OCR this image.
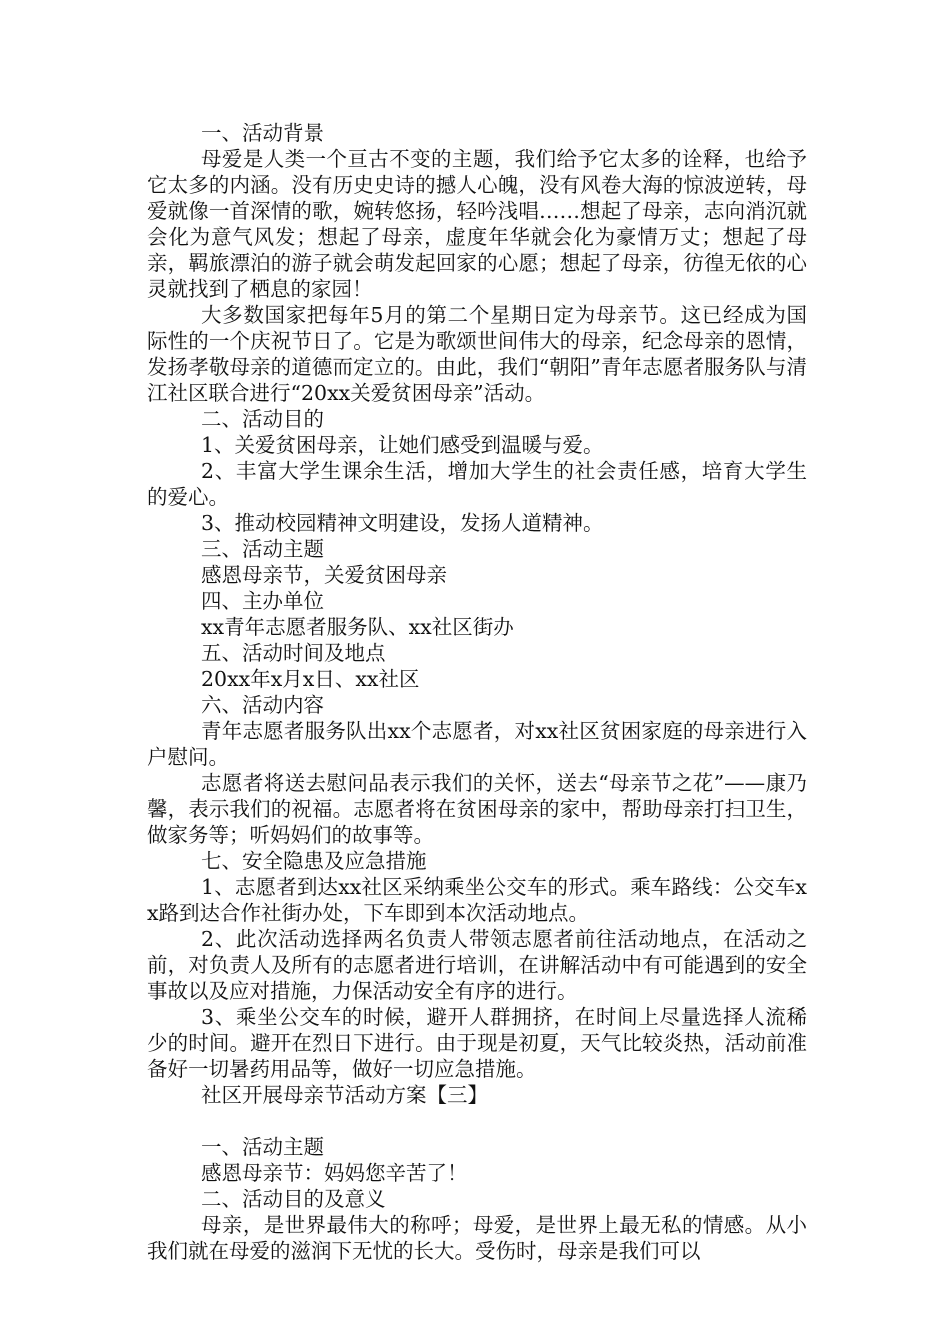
一、活动背景

母爱是人类一个亘古不变的主题，我们给予它太多的诠释，也给予它太多的内涵。没有历史史诗的撼人心魄，没有风卷大海的惊波逆转，母爱就像一首深情的歌，婉转悠扬，轻吟浅唱……想起了母亲，志向消沉就会化为意气风发；想起了母亲，虚度年华就会化为豪情万丈；想起了母亲，羁旅漂泊的游子就会萌发起回家的心愿；想起了母亲，彷徨无依的心灵就找到了栖息的家园！

大多数国家把每年5月的第二个星期日定为母亲节。这已经成为国际性的一个庆祝节日了。它是为歌颂世间伟大的母亲，纪念母亲的恩情，发扬孝敬母亲的道德而定立的。由此，我们“朝阳”青年志愿者服务队与清江社区联合进行“20xx关爱贫困母亲”活动。

二、活动目的

1、关爱贫困母亲，让她们感受到温暖与爱。

2、丰富大学生课余生活，增加大学生的社会责任感，培育大学生的爱心。

3、推动校园精神文明建设，发扬人道精神。

三、活动主题

感恩母亲节，关爱贫困母亲

四、主办单位

xx青年志愿者服务队、xx社区街办

五、活动时间及地点

20xx年x月x日、xx社区

六、活动内容

青年志愿者服务队出xx个志愿者，对xx社区贫困家庭的母亲进行入户慰问。

志愿者将送去慰问品表示我们的关怀，送去“母亲节之花”——康乃馨，表示我们的祝福。志愿者将在贫困母亲的家中，帮助母亲打扫卫生，做家务等；听妈妈们的故事等。

七、安全隐患及应急措施

1、志愿者到达xx社区采纳乘坐公交车的形式。乘车路线：公交车xx路到达合作社街办处，下车即到本次活动地点。

2、此次活动选择两名负责人带领志愿者前往活动地点，在活动之前，对负责人及所有的志愿者进行培训，在讲解活动中有可能遇到的安全事故以及应对措施，力保活动安全有序的进行。

3、乘坐公交车的时候，避开人群拥挤，在时间上尽量选择人流稀少的时间。避开在烈日下进行。由于现是初夏，天气比较炎热，活动前准备好一切暑药用品等，做好一切应急措施。

社区开展母亲节活动方案【三】

一、活动主题

感恩母亲节：妈妈您辛苦了！

二、活动目的及意义

母亲，是世界最伟大的称呼；母爱，是世界上最无私的情感。从小我们就在母爱的滋润下无忧的长大。受伤时，母亲是我们可以
